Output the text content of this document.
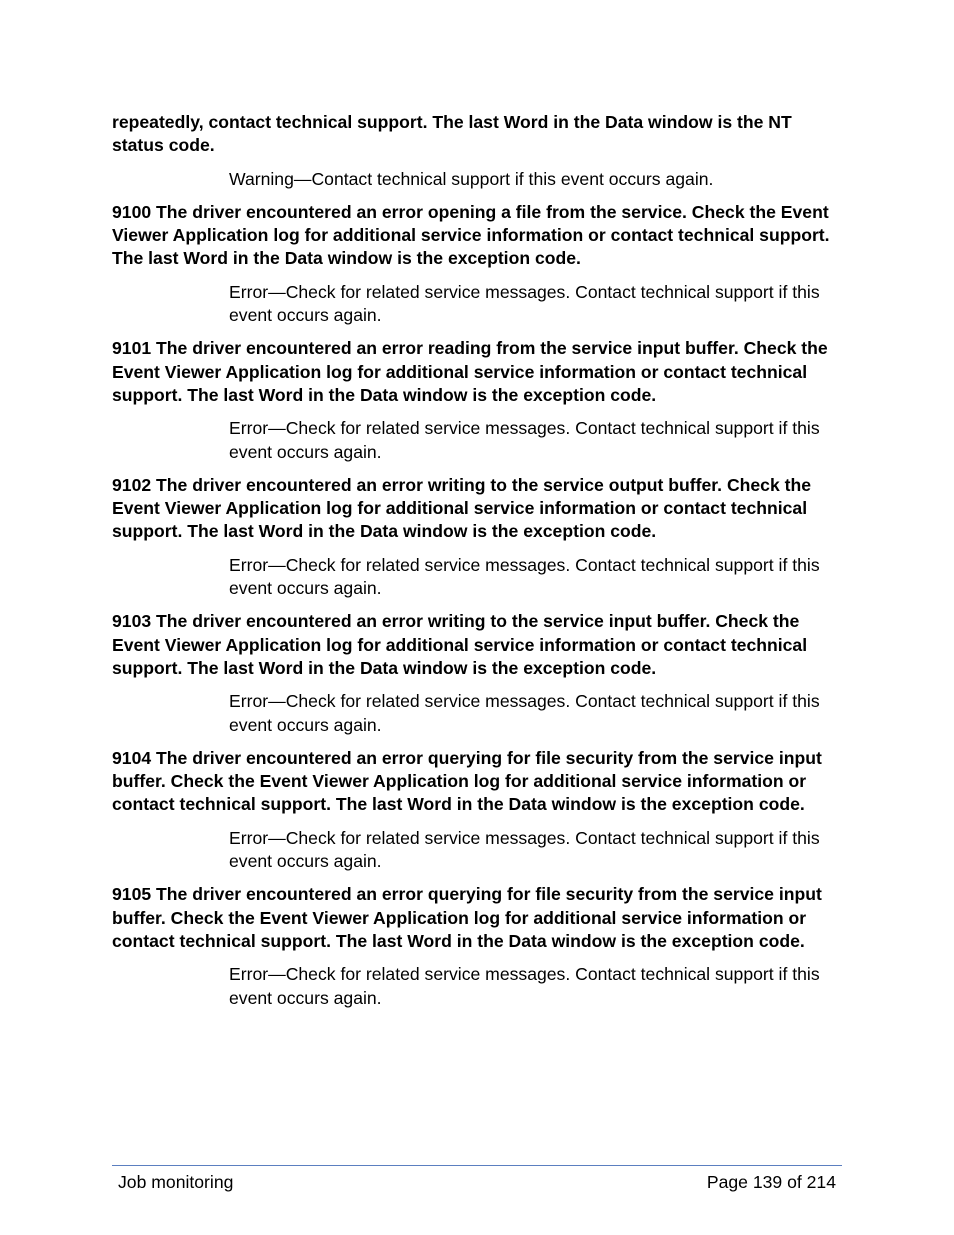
repeatedly, contact technical support. The last Word in the Data window is the NT status code.

Warning—Contact technical support if this event occurs again.

9100 The driver encountered an error opening a file from the service. Check the Event Viewer Application log for additional service information or contact technical support. The last Word in the Data window is the exception code.

Error—Check for related service messages. Contact technical support if this event occurs again.

9101 The driver encountered an error reading from the service input buffer. Check the Event Viewer Application log for additional service information or contact technical support. The last Word in the Data window is the exception code.

Error—Check for related service messages. Contact technical support if this event occurs again.

9102 The driver encountered an error writing to the service output buffer. Check the Event Viewer Application log for additional service information or contact technical support. The last Word in the Data window is the exception code.

Error—Check for related service messages. Contact technical support if this event occurs again.

9103 The driver encountered an error writing to the service input buffer. Check the Event Viewer Application log for additional service information or contact technical support. The last Word in the Data window is the exception code.

Error—Check for related service messages. Contact technical support if this event occurs again.

9104 The driver encountered an error querying for file security from the service input buffer. Check the Event Viewer Application log for additional service information or contact technical support. The last Word in the Data window is the exception code.

Error—Check for related service messages. Contact technical support if this event occurs again.

9105 The driver encountered an error querying for file security from the service input buffer. Check the Event Viewer Application log for additional service information or contact technical support. The last Word in the Data window is the exception code.

Error—Check for related service messages. Contact technical support if this event occurs again.

Job monitoring	Page 139 of 214
